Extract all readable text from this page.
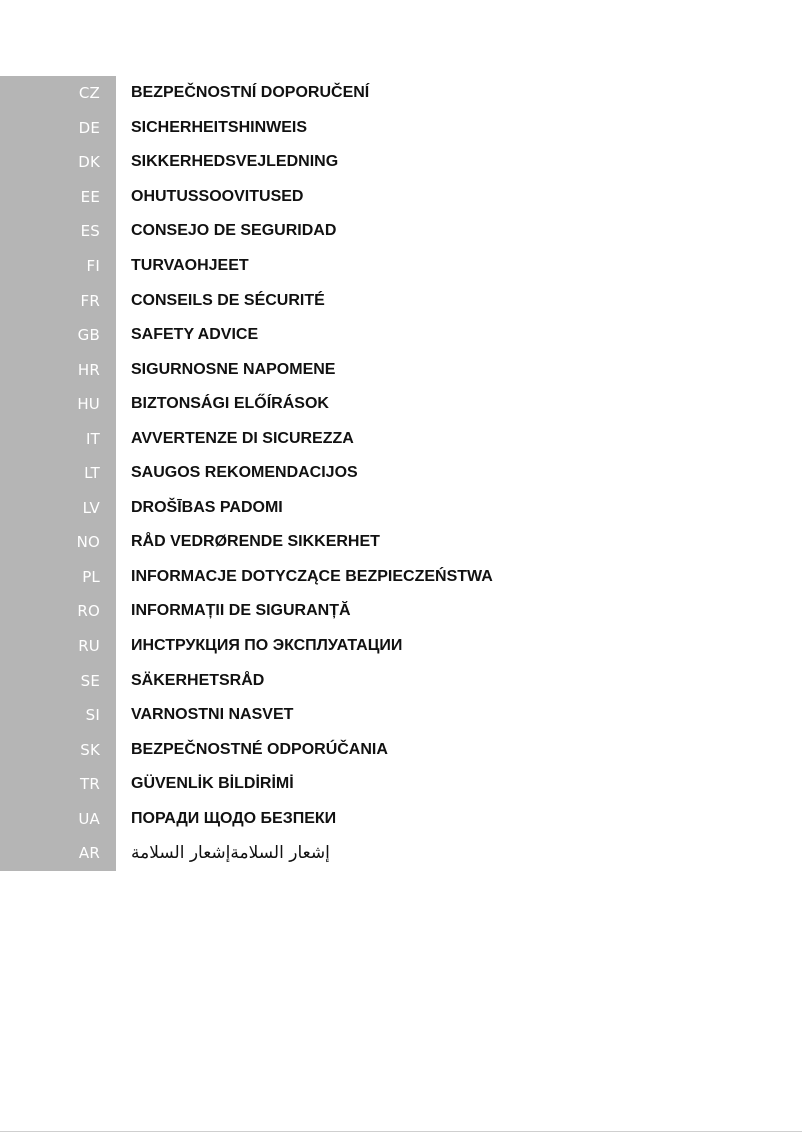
CZ	BEZPEČNOSTNÍ DOPORUČENÍ
DE	SICHERHEITSHINWEIS
DK	SIKKERHEDSVEJLEDNING
EE	OHUTUSSOOVITUSED
ES	CONSEJO DE SEGURIDAD
FI	TURVAOHJEET
FR	CONSEILS DE SÉCURITÉ
GB	SAFETY ADVICE
HR	SIGURNOSNE NAPOMENE
HU	BIZTONSÁGI ELŐÍRÁSOK
IT	AVVERTENZE DI SICUREZZA
LT	SAUGOS REKOMENDACIJOS
LV	DROŠĪBAS PADOMI
NO	RÅD VEDRØRENDE SIKKERHET
PL	INFORMACJE DOTYCZĄCE BEZPIECZEŃSTWA
RO	INFORMAȚII DE SIGURANȚĂ
RU	ИНСТРУКЦИЯ ПО ЭКСПЛУАТАЦИИ
SE	SÄKERHETSRÅD
SI	VARNOSTNI NASVET
SK	BEZPEČNOSTNÉ ODPORÚČANIA
TR	GÜVENLİK BİLDİRİMİ
UA	ПОРАДИ ЩОДО БЕЗПЕКИ
AR	إشعار السلامةإشعار السلامة
